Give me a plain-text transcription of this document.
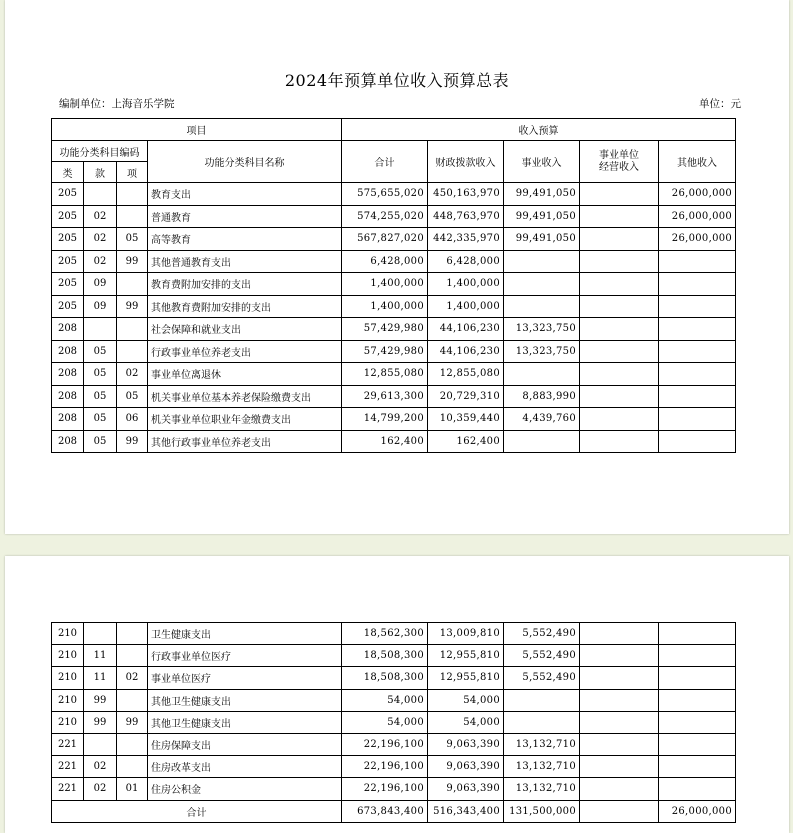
2024年预算单位收入预算总表
编制单位：上海音乐学院	单位：元
项目				收入预算				
功能分类科目编码			功能分类科目名称	合计	财政拨款收入	事业收入	事业单位
经营收入	其他收入
类	款	项						
205			教育支出	575,655,020	450,163,970	99,491,050		26,000,000
205	02		普通教育	574,255,020	448,763,970	99,491,050		26,000,000
205	02	05	高等教育	567,827,020	442,335,970	99,491,050		26,000,000
205	02	99	其他普通教育支出	6,428,000	6,428,000			
205	09		教育费附加安排的支出	1,400,000	1,400,000			
205	09	99	其他教育费附加安排的支出	1,400,000	1,400,000			
208			社会保障和就业支出	57,429,980	44,106,230	13,323,750		
208	05		行政事业单位养老支出	57,429,980	44,106,230	13,323,750		
208	05	02	事业单位离退休	12,855,080	12,855,080			
208	05	05	机关事业单位基本养老保险缴费支出	29,613,300	20,729,310	8,883,990		
208	05	06	机关事业单位职业年金缴费支出	14,799,200	10,359,440	4,439,760		
208	05	99	其他行政事业单位养老支出	162,400	162,400			
210			卫生健康支出	18,562,300	13,009,810	5,552,490		
210	11		行政事业单位医疗	18,508,300	12,955,810	5,552,490		
210	11	02	事业单位医疗	18,508,300	12,955,810	5,552,490		
210	99		其他卫生健康支出	54,000	54,000			
210	99	99	其他卫生健康支出	54,000	54,000			
221			住房保障支出	22,196,100	9,063,390	13,132,710		
221	02		住房改革支出	22,196,100	9,063,390	13,132,710		
221	02	01	住房公积金	22,196,100	9,063,390	13,132,710		
合计				673,843,400	516,343,400	131,500,000		26,000,000
